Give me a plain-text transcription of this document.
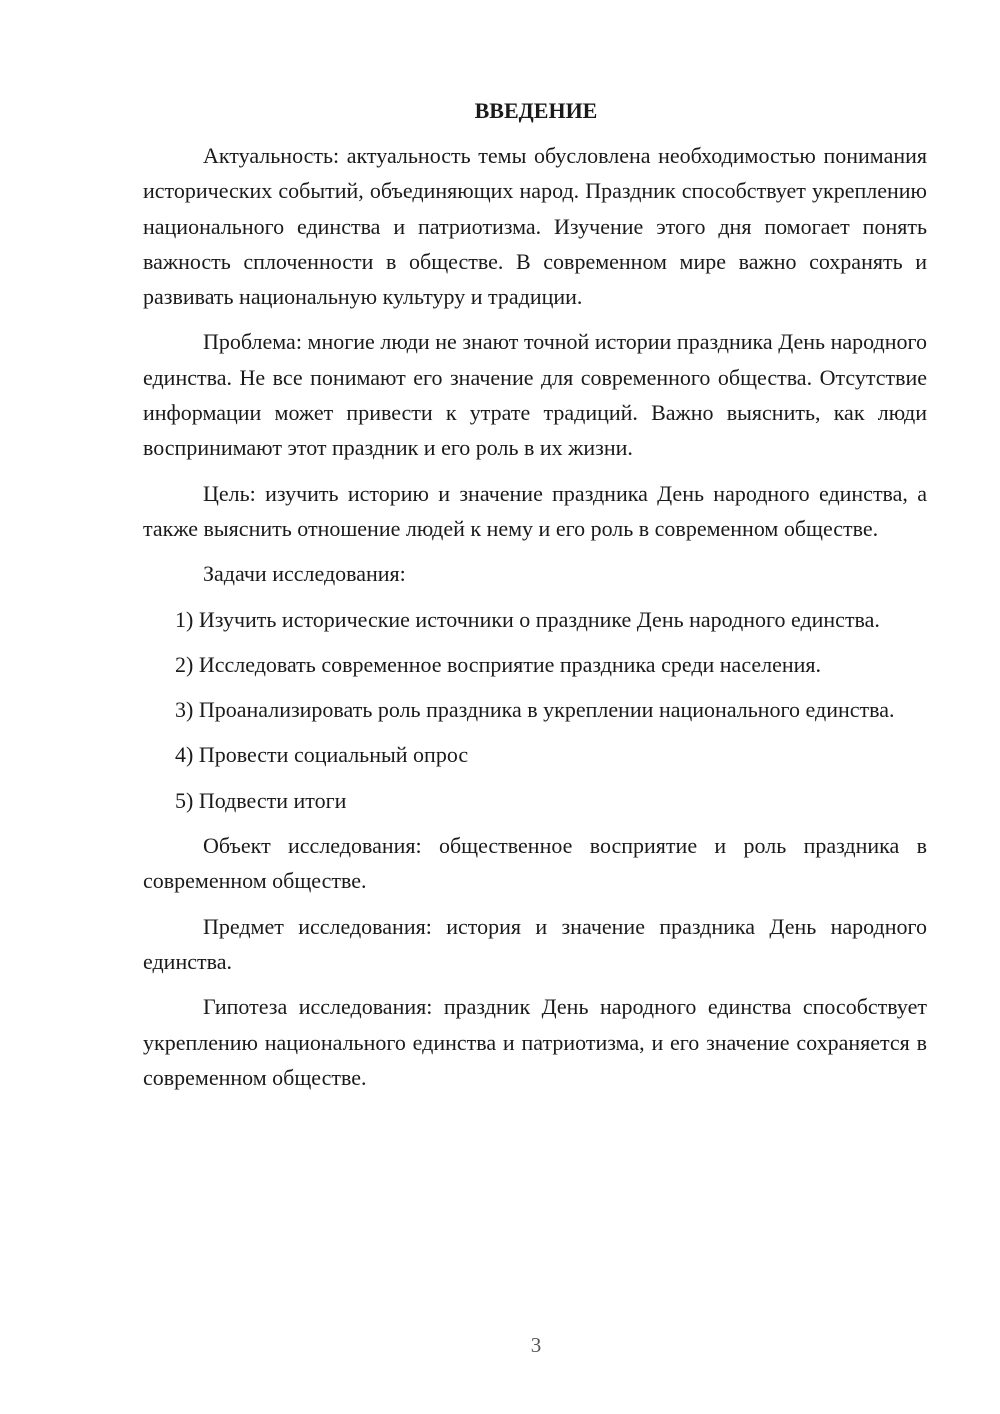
ВВЕДЕНИЕ

Актуальность: актуальность темы обусловлена необходимостью понимания исторических событий, объединяющих народ. Праздник способствует укреплению национального единства и патриотизма. Изучение этого дня помогает понять важность сплоченности в обществе. В современном мире важно сохранять и развивать национальную культуру и традиции.

Проблема: многие люди не знают точной истории праздника День народного единства. Не все понимают его значение для современного общества. Отсутствие информации может привести к утрате традиций. Важно выяснить, как люди воспринимают этот праздник и его роль в их жизни.

Цель: изучить историю и значение праздника День народного единства, а также выяснить отношение людей к нему и его роль в современном обществе.

Задачи исследования:

1) Изучить исторические источники о празднике День народного единства.

2) Исследовать современное восприятие праздника среди населения.

3) Проанализировать роль праздника в укреплении национального единства.

4) Провести социальный опрос

5) Подвести итоги

Объект исследования: общественное восприятие и роль праздника в современном обществе.

Предмет исследования: история и значение праздника День народного единства.

Гипотеза исследования: праздник День народного единства способствует укреплению национального единства и патриотизма, и его значение сохраняется в современном обществе.

3
